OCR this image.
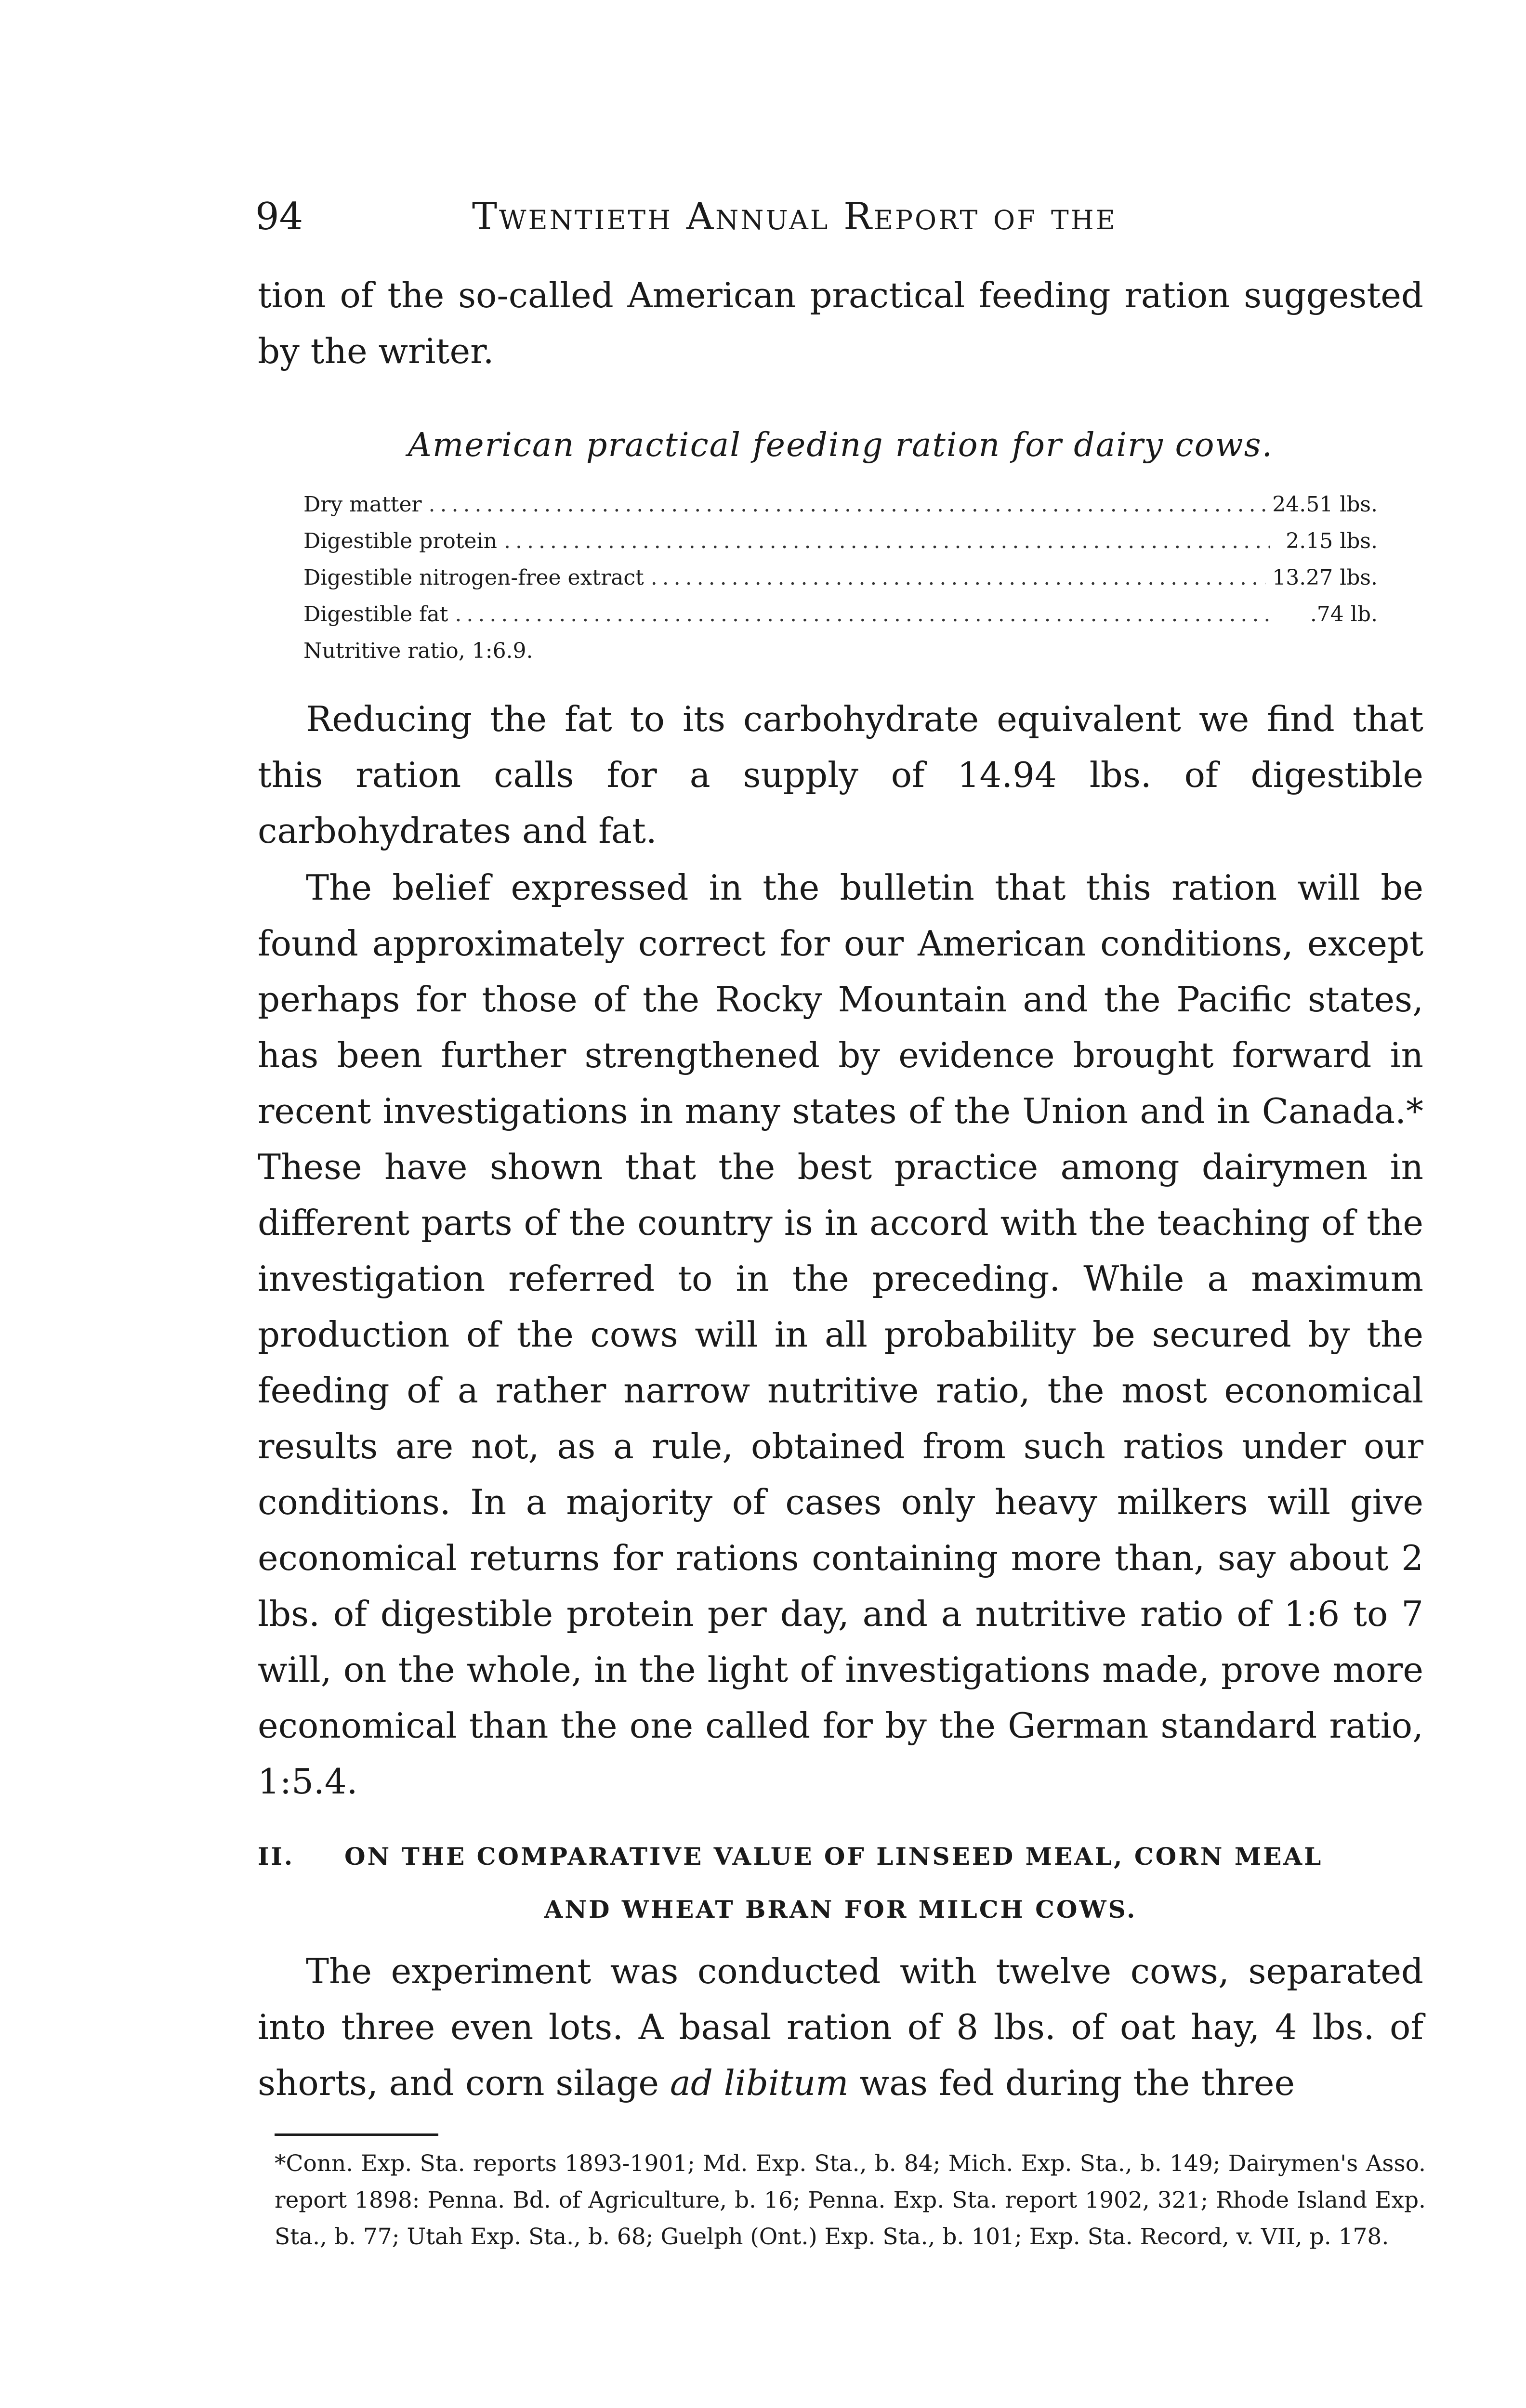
94	Twentieth Annual Report of the

tion of the so-called American practical feeding ration suggested by the writer.

American practical feeding ration for dairy cows.

Dry matter .....	24.51 lbs.
Digestible protein .....	2.15 lbs.
Digestible nitrogen-free extract .....	13.27 lbs.
Digestible fat .....	.74 lb.
Nutritive ratio, 1:6.9.

Reducing the fat to its carbohydrate equivalent we find that this ration calls for a supply of 14.94 lbs. of digestible carbohydrates and fat.

The belief expressed in the bulletin that this ration will be found approximately correct for our American conditions, except perhaps for those of the Rocky Mountain and the Pacific states, has been further strengthened by evidence brought forward in recent investigations in many states of the Union and in Canada.* These have shown that the best practice among dairymen in different parts of the country is in accord with the teaching of the investigation referred to in the preceding. While a maximum production of the cows will in all probability be secured by the feeding of a rather narrow nutritive ratio, the most economical results are not, as a rule, obtained from such ratios under our conditions. In a majority of cases only heavy milkers will give economical returns for rations containing more than, say about 2 lbs. of digestible protein per day, and a nutritive ratio of 1:6 to 7 will, on the whole, in the light of investigations made, prove more economical than the one called for by the German standard ratio, 1:5.4.

II. ON THE COMPARATIVE VALUE OF LINSEED MEAL, CORN MEAL
AND WHEAT BRAN FOR MILCH COWS.

The experiment was conducted with twelve cows, separated into three even lots. A basal ration of 8 lbs. of oat hay, 4 lbs. of shorts, and corn silage ad libitum was fed during the three

*Conn. Exp. Sta. reports 1893-1901; Md. Exp. Sta., b. 84; Mich. Exp. Sta., b. 149; Dairymen's Asso. report 1898: Penna. Bd. of Agriculture, b. 16; Penna. Exp. Sta. report 1902, 321; Rhode Island Exp. Sta., b. 77; Utah Exp. Sta., b. 68; Guelph (Ont.) Exp. Sta., b. 101; Exp. Sta. Record, v. VII, p. 178.
